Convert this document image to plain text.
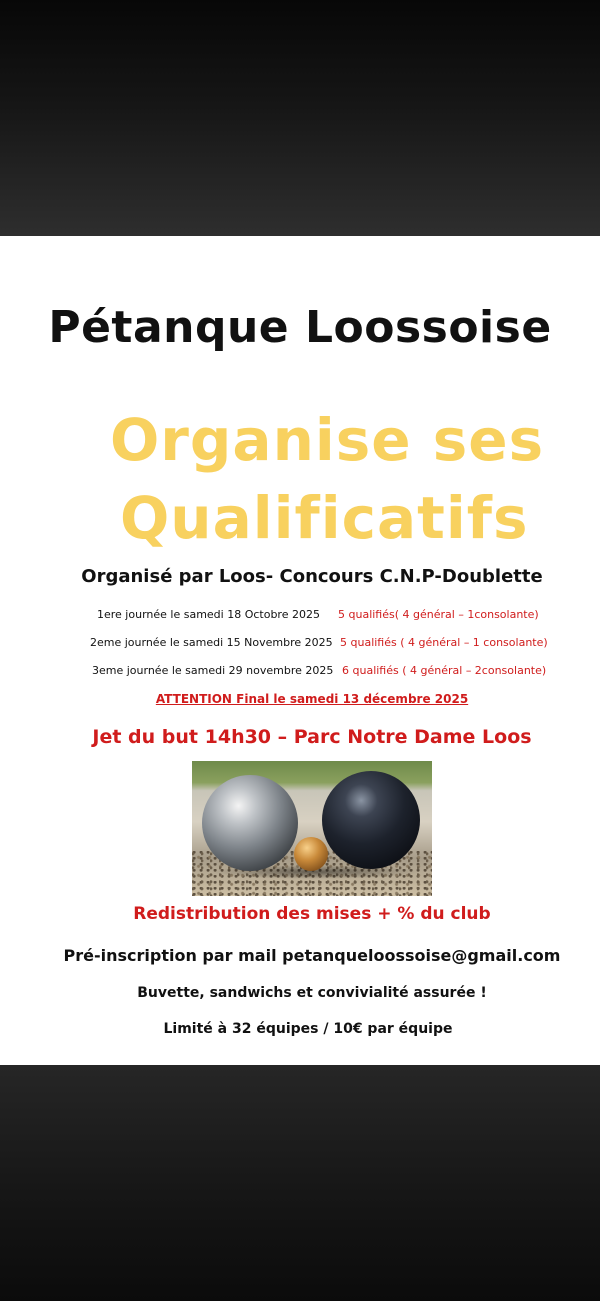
Pétanque Loossoise
Organise ses
Qualificatifs
Organisé par Loos- Concours C.N.P-Doublette
1ere journée le samedi 18 Octobre 2025 5 qualifiés( 4 général – 1consolante)
2eme journée le samedi 15 Novembre 2025 5 qualifiés ( 4 général – 1 consolante)
3eme journée le samedi 29 novembre 2025 6 qualifiés ( 4 général – 2consolante)
ATTENTION Final le samedi 13 décembre 2025
Jet du but 14h30 – Parc Notre Dame Loos
Redistribution des mises + % du club
Pré-inscription par mail petanqueloossoise@gmail.com
Buvette, sandwichs et convivialité assurée !
Limité à 32 équipes / 10€ par équipe
